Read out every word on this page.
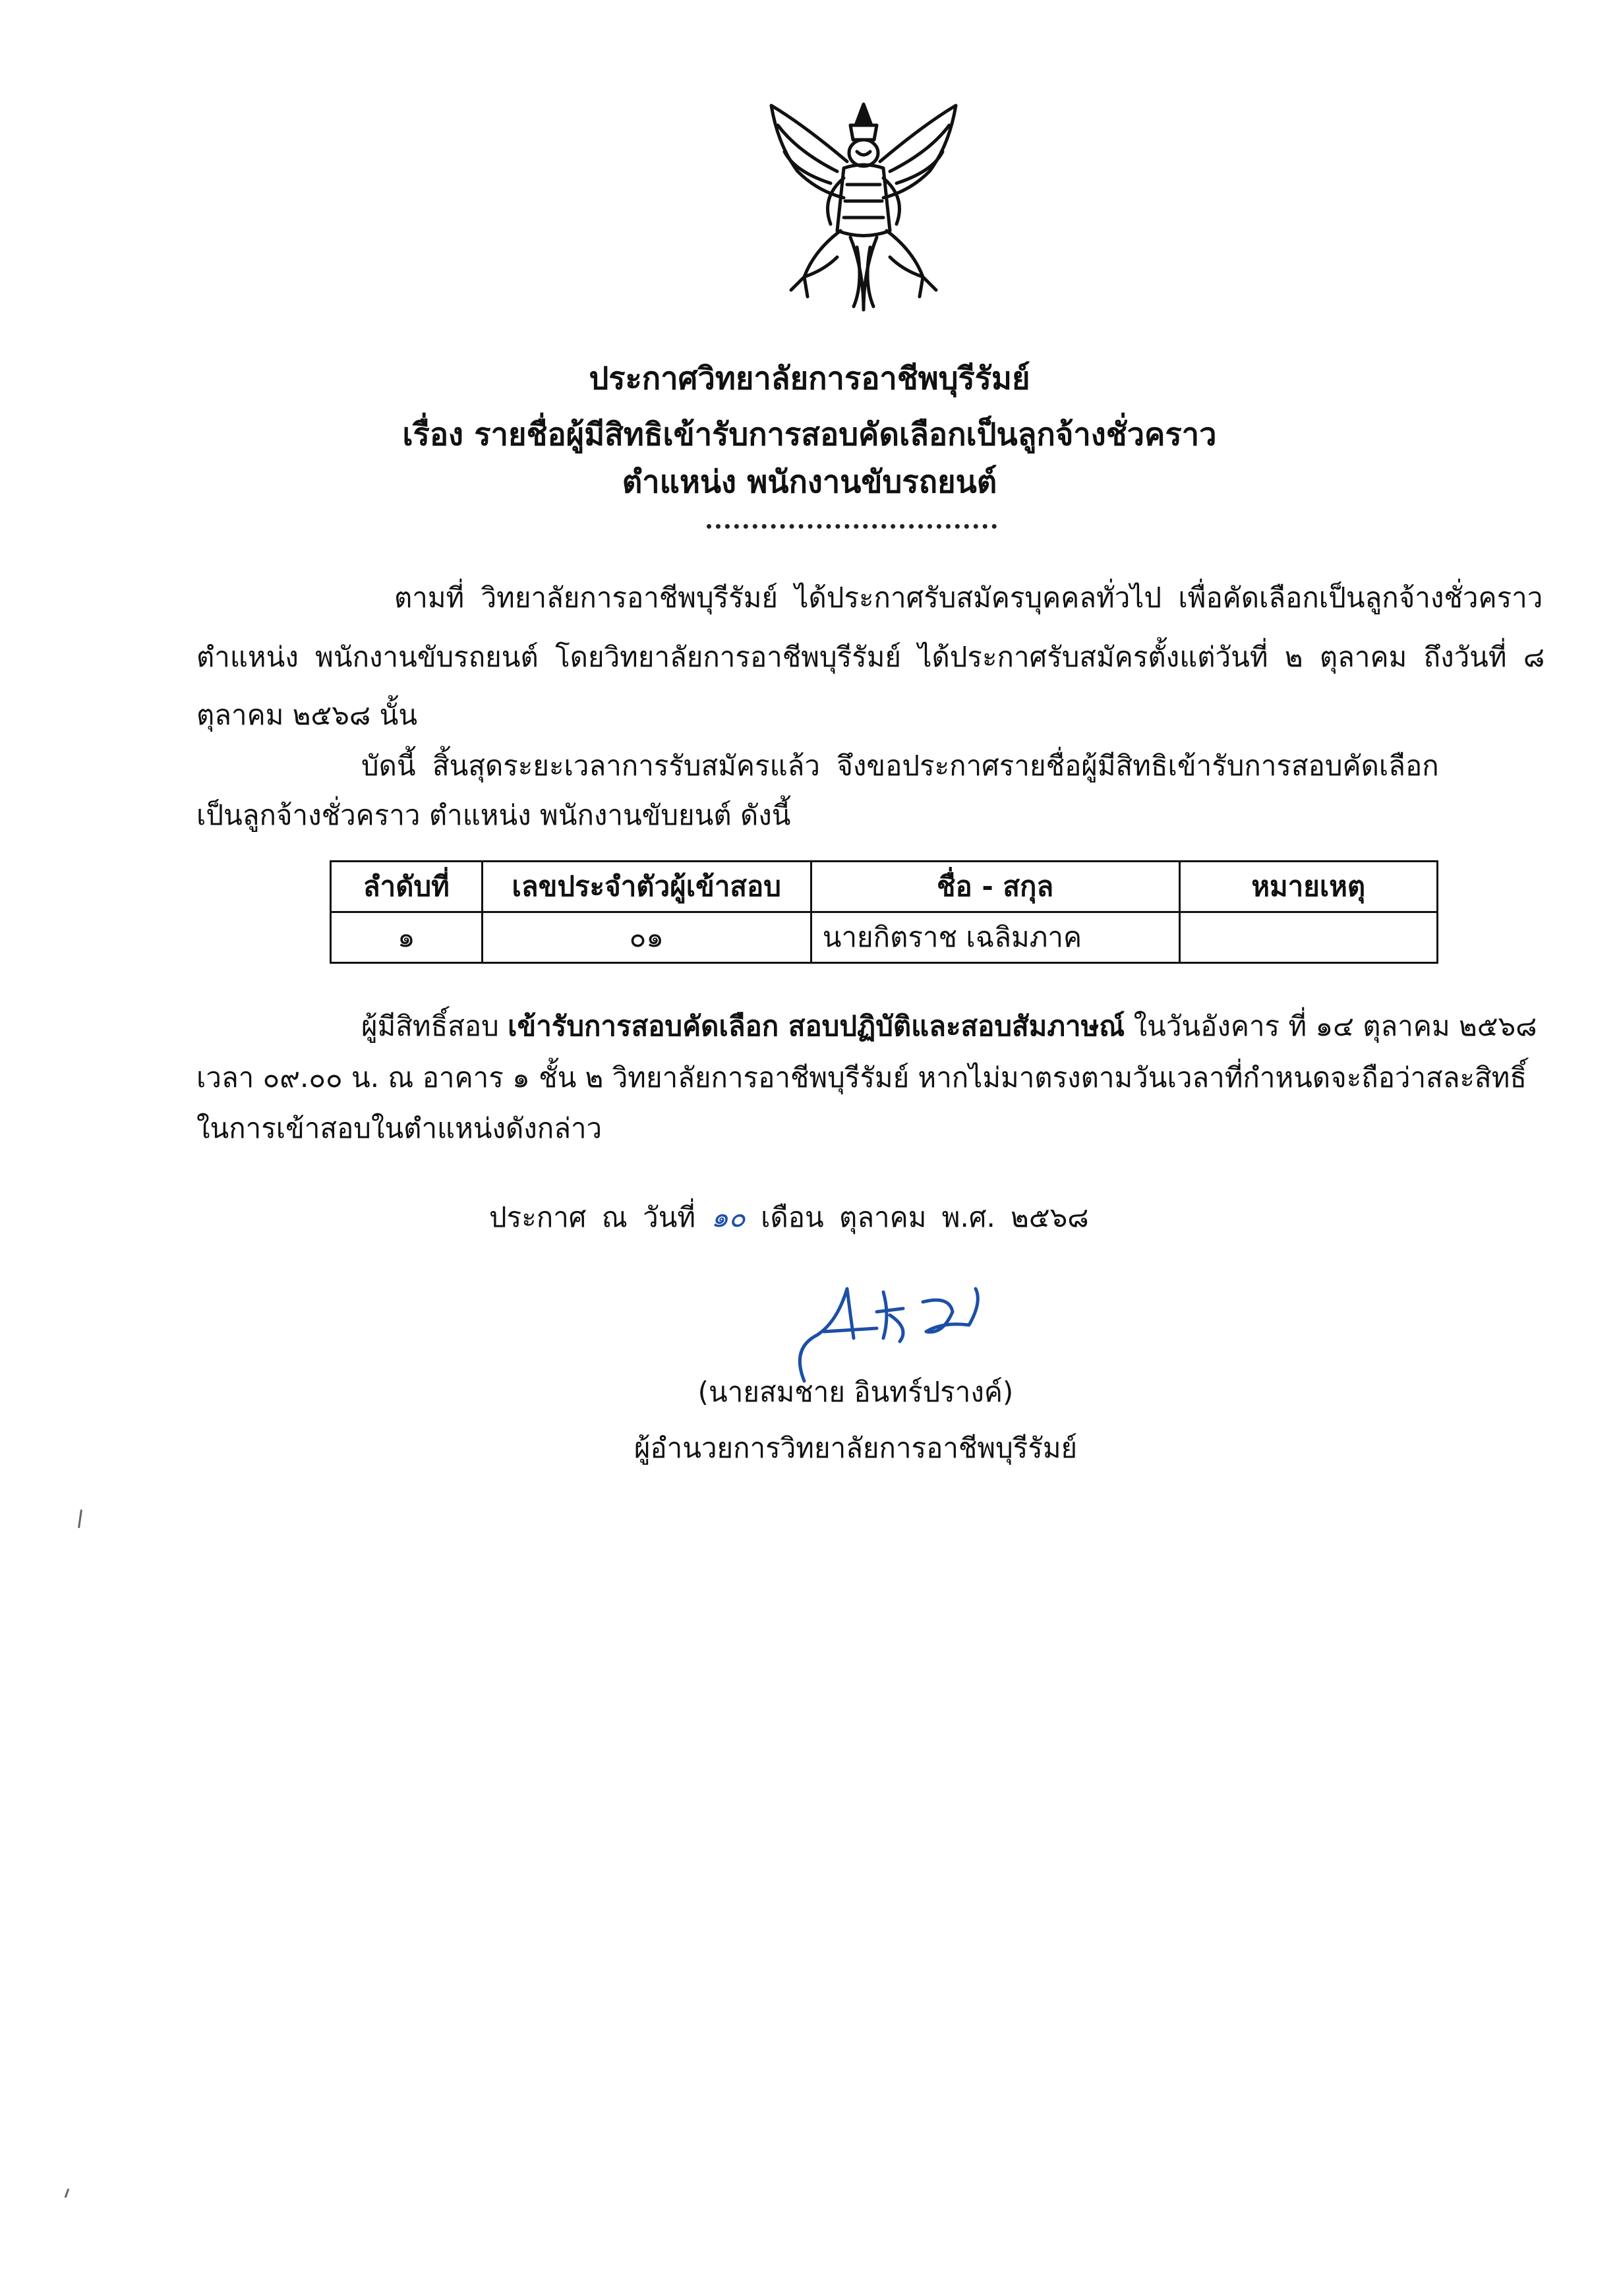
ประกาศวิทยาลัยการอาชีพบุรีรัมย์
เรื่อง รายชื่อผู้มีสิทธิเข้ารับการสอบคัดเลือกเป็นลูกจ้างชั่วคราว
ตำแหน่ง พนักงานขับรถยนต์
ตามที่ วิทยาลัยการอาชีพบุรีรัมย์ ได้ประกาศรับสมัครบุคคลทั่วไป เพื่อคัดเลือกเป็นลูกจ้างชั่วคราว
ตำแหน่ง พนักงานขับรถยนต์ โดยวิทยาลัยการอาชีพบุรีรัมย์ ได้ประกาศรับสมัครตั้งแต่วันที่ ๒ ตุลาคม ถึงวันที่ ๘
ตุลาคม ๒๕๖๘ นั้น
บัดนี้ สิ้นสุดระยะเวลาการรับสมัครแล้ว จึงขอประกาศรายชื่อผู้มีสิทธิเข้ารับการสอบคัดเลือก
เป็นลูกจ้างชั่วคราว ตำแหน่ง พนักงานขับยนต์ ดังนี้
ลำดับที่	เลขประจำตัวผู้เข้าสอบ	ชื่อ - สกุล	หมายเหตุ
๑	๐๑	นายกิตราช เฉลิมภาค	
ผู้มีสิทธิ์สอบ เข้ารับการสอบคัดเลือก สอบปฏิบัติและสอบสัมภาษณ์ ในวันอังคาร ที่ ๑๔ ตุลาคม ๒๕๖๘
เวลา ๐๙.๐๐ น. ณ อาคาร ๑ ชั้น ๒ วิทยาลัยการอาชีพบุรีรัมย์ หากไม่มาตรงตามวันเวลาที่กำหนดจะถือว่าสละสิทธิ์
ในการเข้าสอบในตำแหน่งดังกล่าว
ประกาศ ณ วันที่ ๑๐ เดือน ตุลาคม พ.ศ. ๒๕๖๘
(นายสมชาย อินทร์ปรางค์)
ผู้อำนวยการวิทยาลัยการอาชีพบุรีรัมย์
